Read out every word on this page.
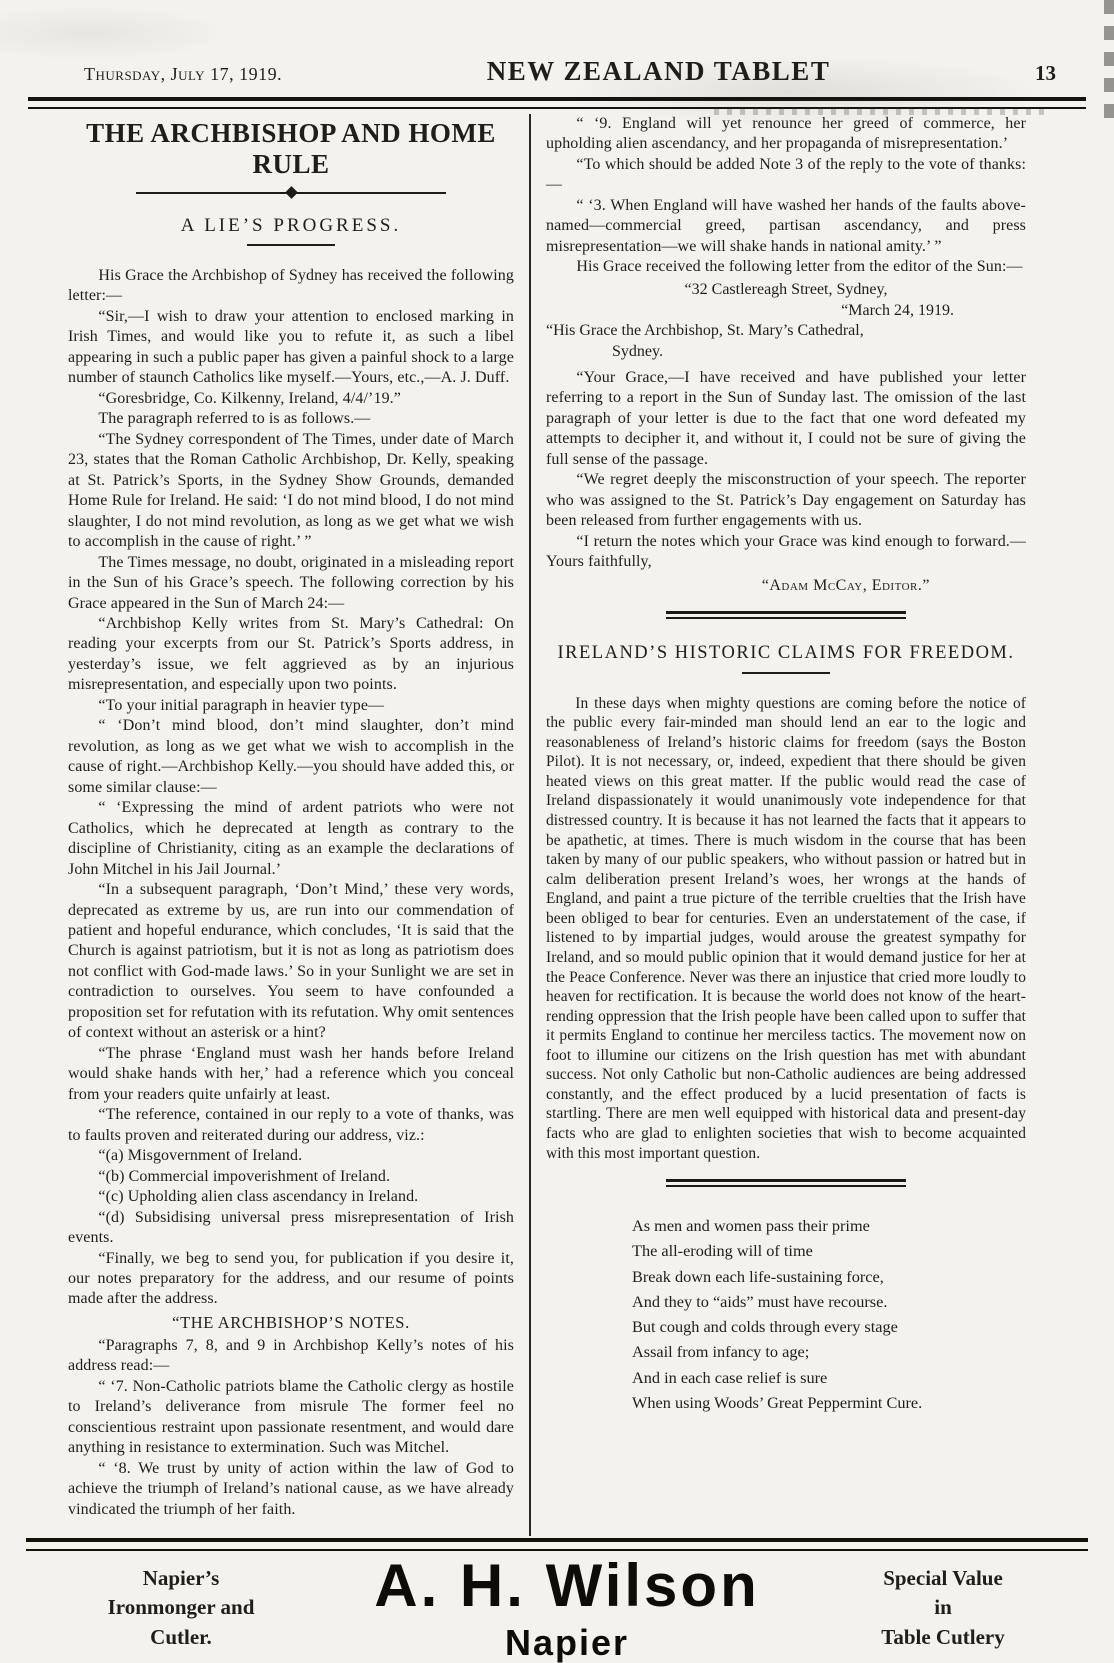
Thursday, July 17, 1919.	NEW ZEALAND TABLET	13
THE ARCHBISHOP AND HOME RULE
A LIE’S PROGRESS.

His Grace the Archbishop of Sydney has received the following letter:—

“Sir,—I wish to draw your attention to enclosed marking in Irish Times, and would like you to refute it, as such a libel appearing in such a public paper has given a painful shock to a large number of staunch Catholics like myself.—Yours, etc.,—A. J. Duff.

“Goresbridge, Co. Kilkenny, Ireland, 4/4/’19.”

The paragraph referred to is as follows.—

“The Sydney correspondent of The Times, under date of March 23, states that the Roman Catholic Archbishop, Dr. Kelly, speaking at St. Patrick’s Sports, in the Sydney Show Grounds, demanded Home Rule for Ireland. He said: ‘I do not mind blood, I do not mind slaughter, I do not mind revolution, as long as we get what we wish to accomplish in the cause of right.’ ”

The Times message, no doubt, originated in a misleading report in the Sun of his Grace’s speech. The following correction by his Grace appeared in the Sun of March 24:—

“Archbishop Kelly writes from St. Mary’s Cathedral: On reading your excerpts from our St. Patrick’s Sports address, in yesterday’s issue, we felt aggrieved as by an injurious misrepresentation, and especially upon two points.

“To your initial paragraph in heavier type—

“ ‘Don’t mind blood, don’t mind slaughter, don’t mind revolution, as long as we get what we wish to accomplish in the cause of right.—Archbishop Kelly.—you should have added this, or some similar clause:—

“ ‘Expressing the mind of ardent patriots who were not Catholics, which he deprecated at length as contrary to the discipline of Christianity, citing as an example the declarations of John Mitchel in his Jail Journal.’

“In a subsequent paragraph, ‘Don’t Mind,’ these very words, deprecated as extreme by us, are run into our commendation of patient and hopeful endurance, which concludes, ‘It is said that the Church is against patriotism, but it is not as long as patriotism does not conflict with God-made laws.’ So in your Sunlight we are set in contradiction to ourselves. You seem to have confounded a proposition set for refutation with its refutation. Why omit sentences of context without an asterisk or a hint?

“The phrase ‘England must wash her hands before Ireland would shake hands with her,’ had a reference which you conceal from your readers quite unfairly at least.

“The reference, contained in our reply to a vote of thanks, was to faults proven and reiterated during our address, viz.:

“(a) Misgovernment of Ireland.

“(b) Commercial impoverishment of Ireland.

“(c) Upholding alien class ascendancy in Ireland.

“(d) Subsidising universal press misrepresentation of Irish events.

“Finally, we beg to send you, for publication if you desire it, our notes preparatory for the address, and our resume of points made after the address.

“THE ARCHBISHOP’S NOTES.

“Paragraphs 7, 8, and 9 in Archbishop Kelly’s notes of his address read:—

“ ‘7. Non-Catholic patriots blame the Catholic clergy as hostile to Ireland’s deliverance from misrule The former feel no conscientious restraint upon passionate resentment, and would dare anything in resistance to extermination. Such was Mitchel.

“ ‘8. We trust by unity of action within the law of God to achieve the triumph of Ireland’s national cause, as we have already vindicated the triumph of her faith.

“ ‘9. England will yet renounce her greed of commerce, her upholding alien ascendancy, and her propaganda of misrepresentation.’

“To which should be added Note 3 of the reply to the vote of thanks:—

“ ‘3. When England will have washed her hands of the faults above-named—commercial greed, partisan ascendancy, and press misrepresentation—we will shake hands in national amity.’ ”

His Grace received the following letter from the editor of the Sun:—

“32 Castlereagh Street, Sydney,

“March 24, 1919.

“His Grace the Archbishop, St. Mary’s Cathedral,

Sydney.

“Your Grace,—I have received and have published your letter referring to a report in the Sun of Sunday last. The omission of the last paragraph of your letter is due to the fact that one word defeated my attempts to decipher it, and without it, I could not be sure of giving the full sense of the passage.

“We regret deeply the misconstruction of your speech. The reporter who was assigned to the St. Patrick’s Day engagement on Saturday has been released from further engagements with us.

“I return the notes which your Grace was kind enough to forward.—Yours faithfully,

“Adam McCay, Editor.”

IRELAND’S HISTORIC CLAIMS FOR FREEDOM.

In these days when mighty questions are coming before the notice of the public every fair-minded man should lend an ear to the logic and reasonableness of Ireland’s historic claims for freedom (says the Boston Pilot). It is not necessary, or, indeed, expedient that there should be given heated views on this great matter. If the public would read the case of Ireland dispassionately it would unanimously vote independence for that distressed country. It is because it has not learned the facts that it appears to be apathetic, at times. There is much wisdom in the course that has been taken by many of our public speakers, who without passion or hatred but in calm deliberation present Ireland’s woes, her wrongs at the hands of England, and paint a true picture of the terrible cruelties that the Irish have been obliged to bear for centuries. Even an understatement of the case, if listened to by impartial judges, would arouse the greatest sympathy for Ireland, and so mould public opinion that it would demand justice for her at the Peace Conference. Never was there an injustice that cried more loudly to heaven for rectification. It is because the world does not know of the heart-rending oppression that the Irish people have been called upon to suffer that it permits England to continue her merciless tactics. The movement now on foot to illumine our citizens on the Irish question has met with abundant success. Not only Catholic but non-Catholic audiences are being addressed constantly, and the effect produced by a lucid presentation of facts is startling. There are men well equipped with historical data and present-day facts who are glad to enlighten societies that wish to become acquainted with this most important question.

As men and women pass their prime

The all-eroding will of time

Break down each life-sustaining force,

And they to “aids” must have recourse.

But cough and colds through every stage

Assail from infancy to age;

And in each case relief is sure

When using Woods’ Great Peppermint Cure.

Napier’s
Ironmonger and
Cutler.
A. H. Wilson
Napier
Special Value
in
Table Cutlery
